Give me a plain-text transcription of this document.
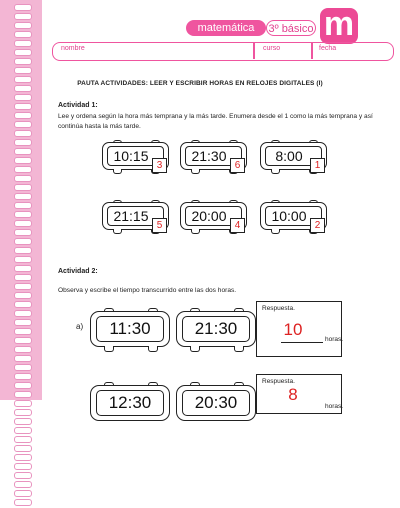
matemática	3º básico m
nombre	curso	fecha
PAUTA ACTIVIDADES: LEER Y ESCRIBIR HORAS EN RELOJES DIGITALES (I)
Actividad 1:
Lee y ordena según la hora más temprana y la más tarde. Enumera desde el 1 como la más temprana y así continúa hasta la más tarde.
10:15
3
21:30
6
8:00
1
21:15
5
20:00
4
10:00
2
Actividad 2:
Observa y escribe el tiempo transcurrido entre las dos horas.
a)	11:30	21:30
Respuesta.
10
horas.
12:30	20:30
Respuesta.
8
horas.
